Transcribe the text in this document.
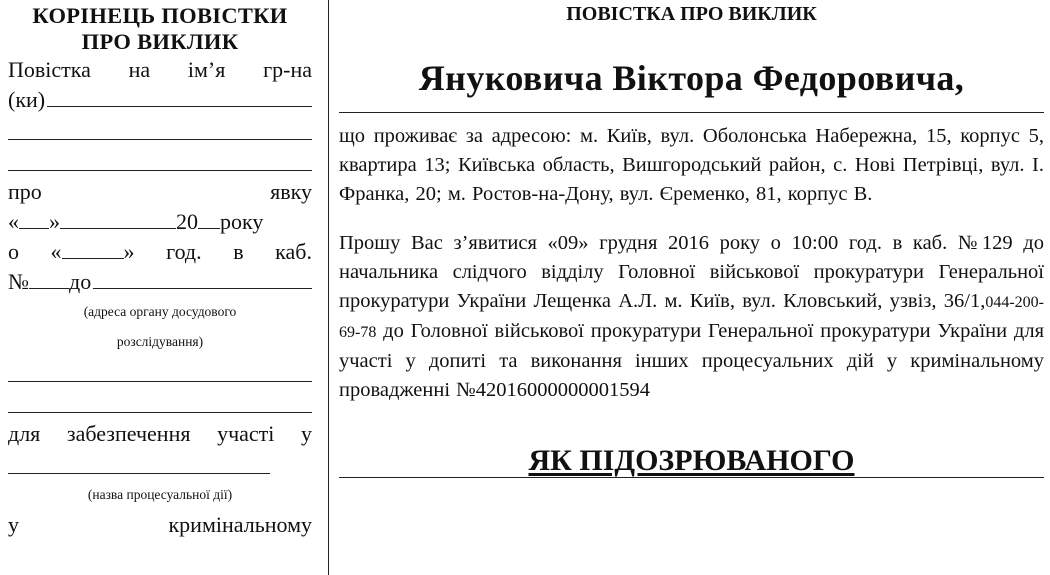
КОРІНЕЦЬ ПОВІСТКИ
ПРО ВИКЛИК
Повістка на ім’я гр-на
(ки)
про	явку
« »	20 року
о «	» год. в каб.
№ до
(адреса органу досудового
розслідування)
для забезпечення участі у
(назва процесуальної дії)
у	кримінальному
ПОВІСТКА ПРО ВИКЛИК
Януковича Віктора Федоровича,
що проживає за адресою: м. Київ, вул. Оболонська Набережна, 15, корпус 5, квартира 13; Київська область, Вишгородський район, с. Нові Петрівці, вул. І. Франка, 20; м. Ростов-на-Дону, вул. Єременко, 81, корпус В.
Прошу Вас з’явитися «09» грудня 2016 року о 10:00 год. в каб. №129 до начальника слідчого відділу Головної військової прокуратури Генеральної прокуратури України Лещенка А.Л. м. Київ, вул. Кловський, узвіз, 36/1,044-200-69-78 до Головної військової прокуратури Генеральної прокуратури України для участі у допиті та виконання інших процесуальних дій у кримінальному провадженні №42016000000001594
ЯК ПІДОЗРЮВАНОГО
